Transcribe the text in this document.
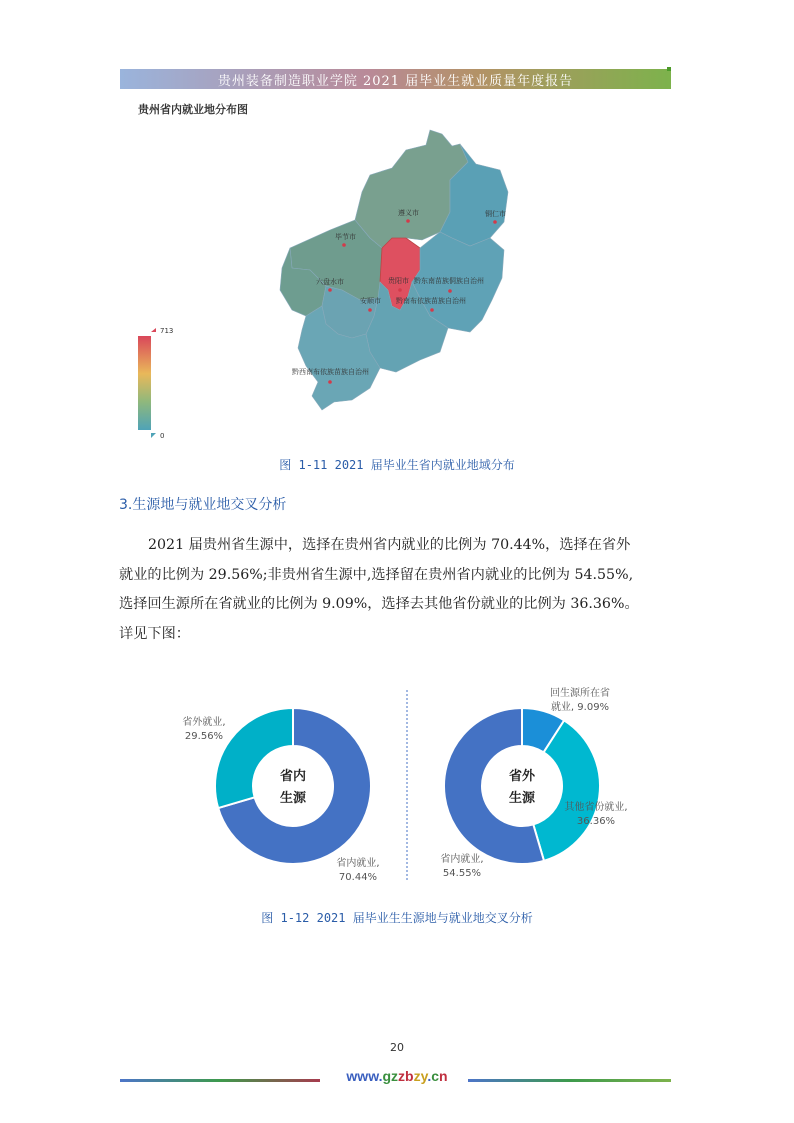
贵州装备制造职业学院 2021 届毕业生就业质量年度报告
贵州省内就业地分布图
713
0
遵义市	铜仁市
毕节市
六盘水市	贵阳市 黔东南苗族侗族自治州
黔南布依族苗族自治州
安顺市
黔西南布依族苗族自治州
图 1-11 2021 届毕业生省内就业地域分布
3.生源地与就业地交叉分析
2021 届贵州省生源中，选择在贵州省内就业的比例为 70.44%，选择在省外
就业的比例为 29.56%;非贵州省生源中,选择留在贵州省内就业的比例为 54.55%,
选择回生源所在省就业的比例为 9.09%，选择去其他省份就业的比例为 36.36%。
详见下图：
省内
生源
省内就业,
70.44%
省外就业,
29.56%
省外
生源
省内就业,
54.55%
回生源所在省
就业, 9.09%
其他省份就业,
36.36%
图 1-12 2021 届毕业生生源地与就业地交叉分析
20
www.gzzbzy.cn
